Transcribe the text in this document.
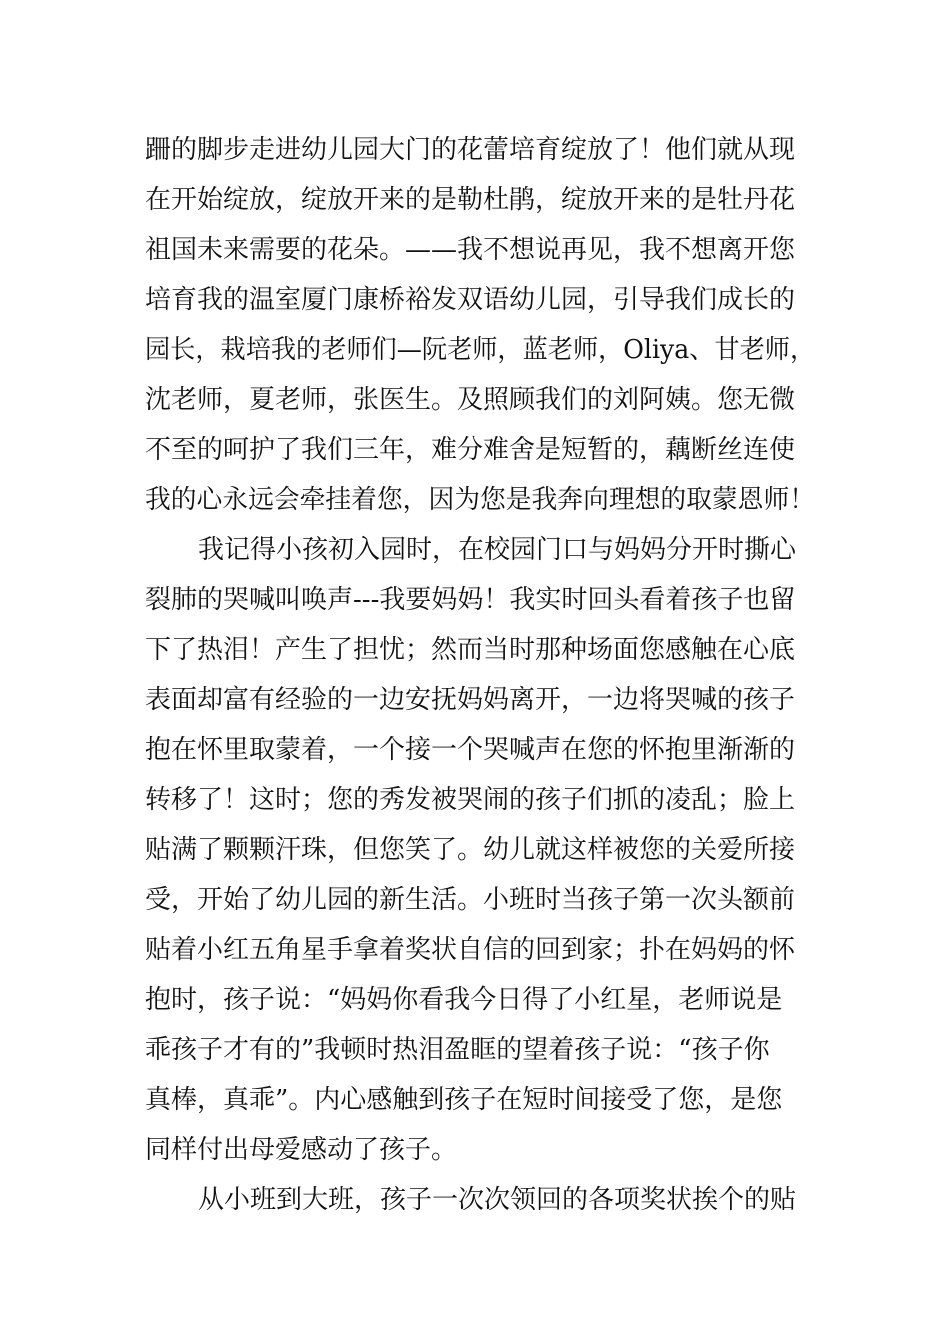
跚的脚步走进幼儿园大门的花蕾培育绽放了！他们就从现
在开始绽放，绽放开来的是勒杜鹃，绽放开来的是牡丹花
祖国未来需要的花朵。——我不想说再见，我不想离开您
培育我的温室厦门康桥裕发双语幼儿园，引导我们成长的
园长，栽培我的老师们—阮老师，蓝老师，Oliya、甘老师，
沈老师，夏老师，张医生。及照顾我们的刘阿姨。您无微
不至的呵护了我们三年，难分难舍是短暂的，藕断丝连使
我的心永远会牵挂着您，因为您是我奔向理想的取蒙恩师！
我记得小孩初入园时，在校园门口与妈妈分开时撕心
裂肺的哭喊叫唤声---我要妈妈！我实时回头看着孩子也留
下了热泪！产生了担忧；然而当时那种场面您感触在心底
表面却富有经验的一边安抚妈妈离开，一边将哭喊的孩子
抱在怀里取蒙着，一个接一个哭喊声在您的怀抱里渐渐的
转移了！这时；您的秀发被哭闹的孩子们抓的凌乱；脸上
贴满了颗颗汗珠，但您笑了。幼儿就这样被您的关爱所接
受，开始了幼儿园的新生活。小班时当孩子第一次头额前
贴着小红五角星手拿着奖状自信的回到家；扑在妈妈的怀
抱时，孩子说：“妈妈你看我今日得了小红星，老师说是
乖孩子才有的”我顿时热泪盈眶的望着孩子说：“孩子你
真棒，真乖”。内心感触到孩子在短时间接受了您，是您
同样付出母爱感动了孩子。
从小班到大班，孩子一次次领回的各项奖状挨个的贴
